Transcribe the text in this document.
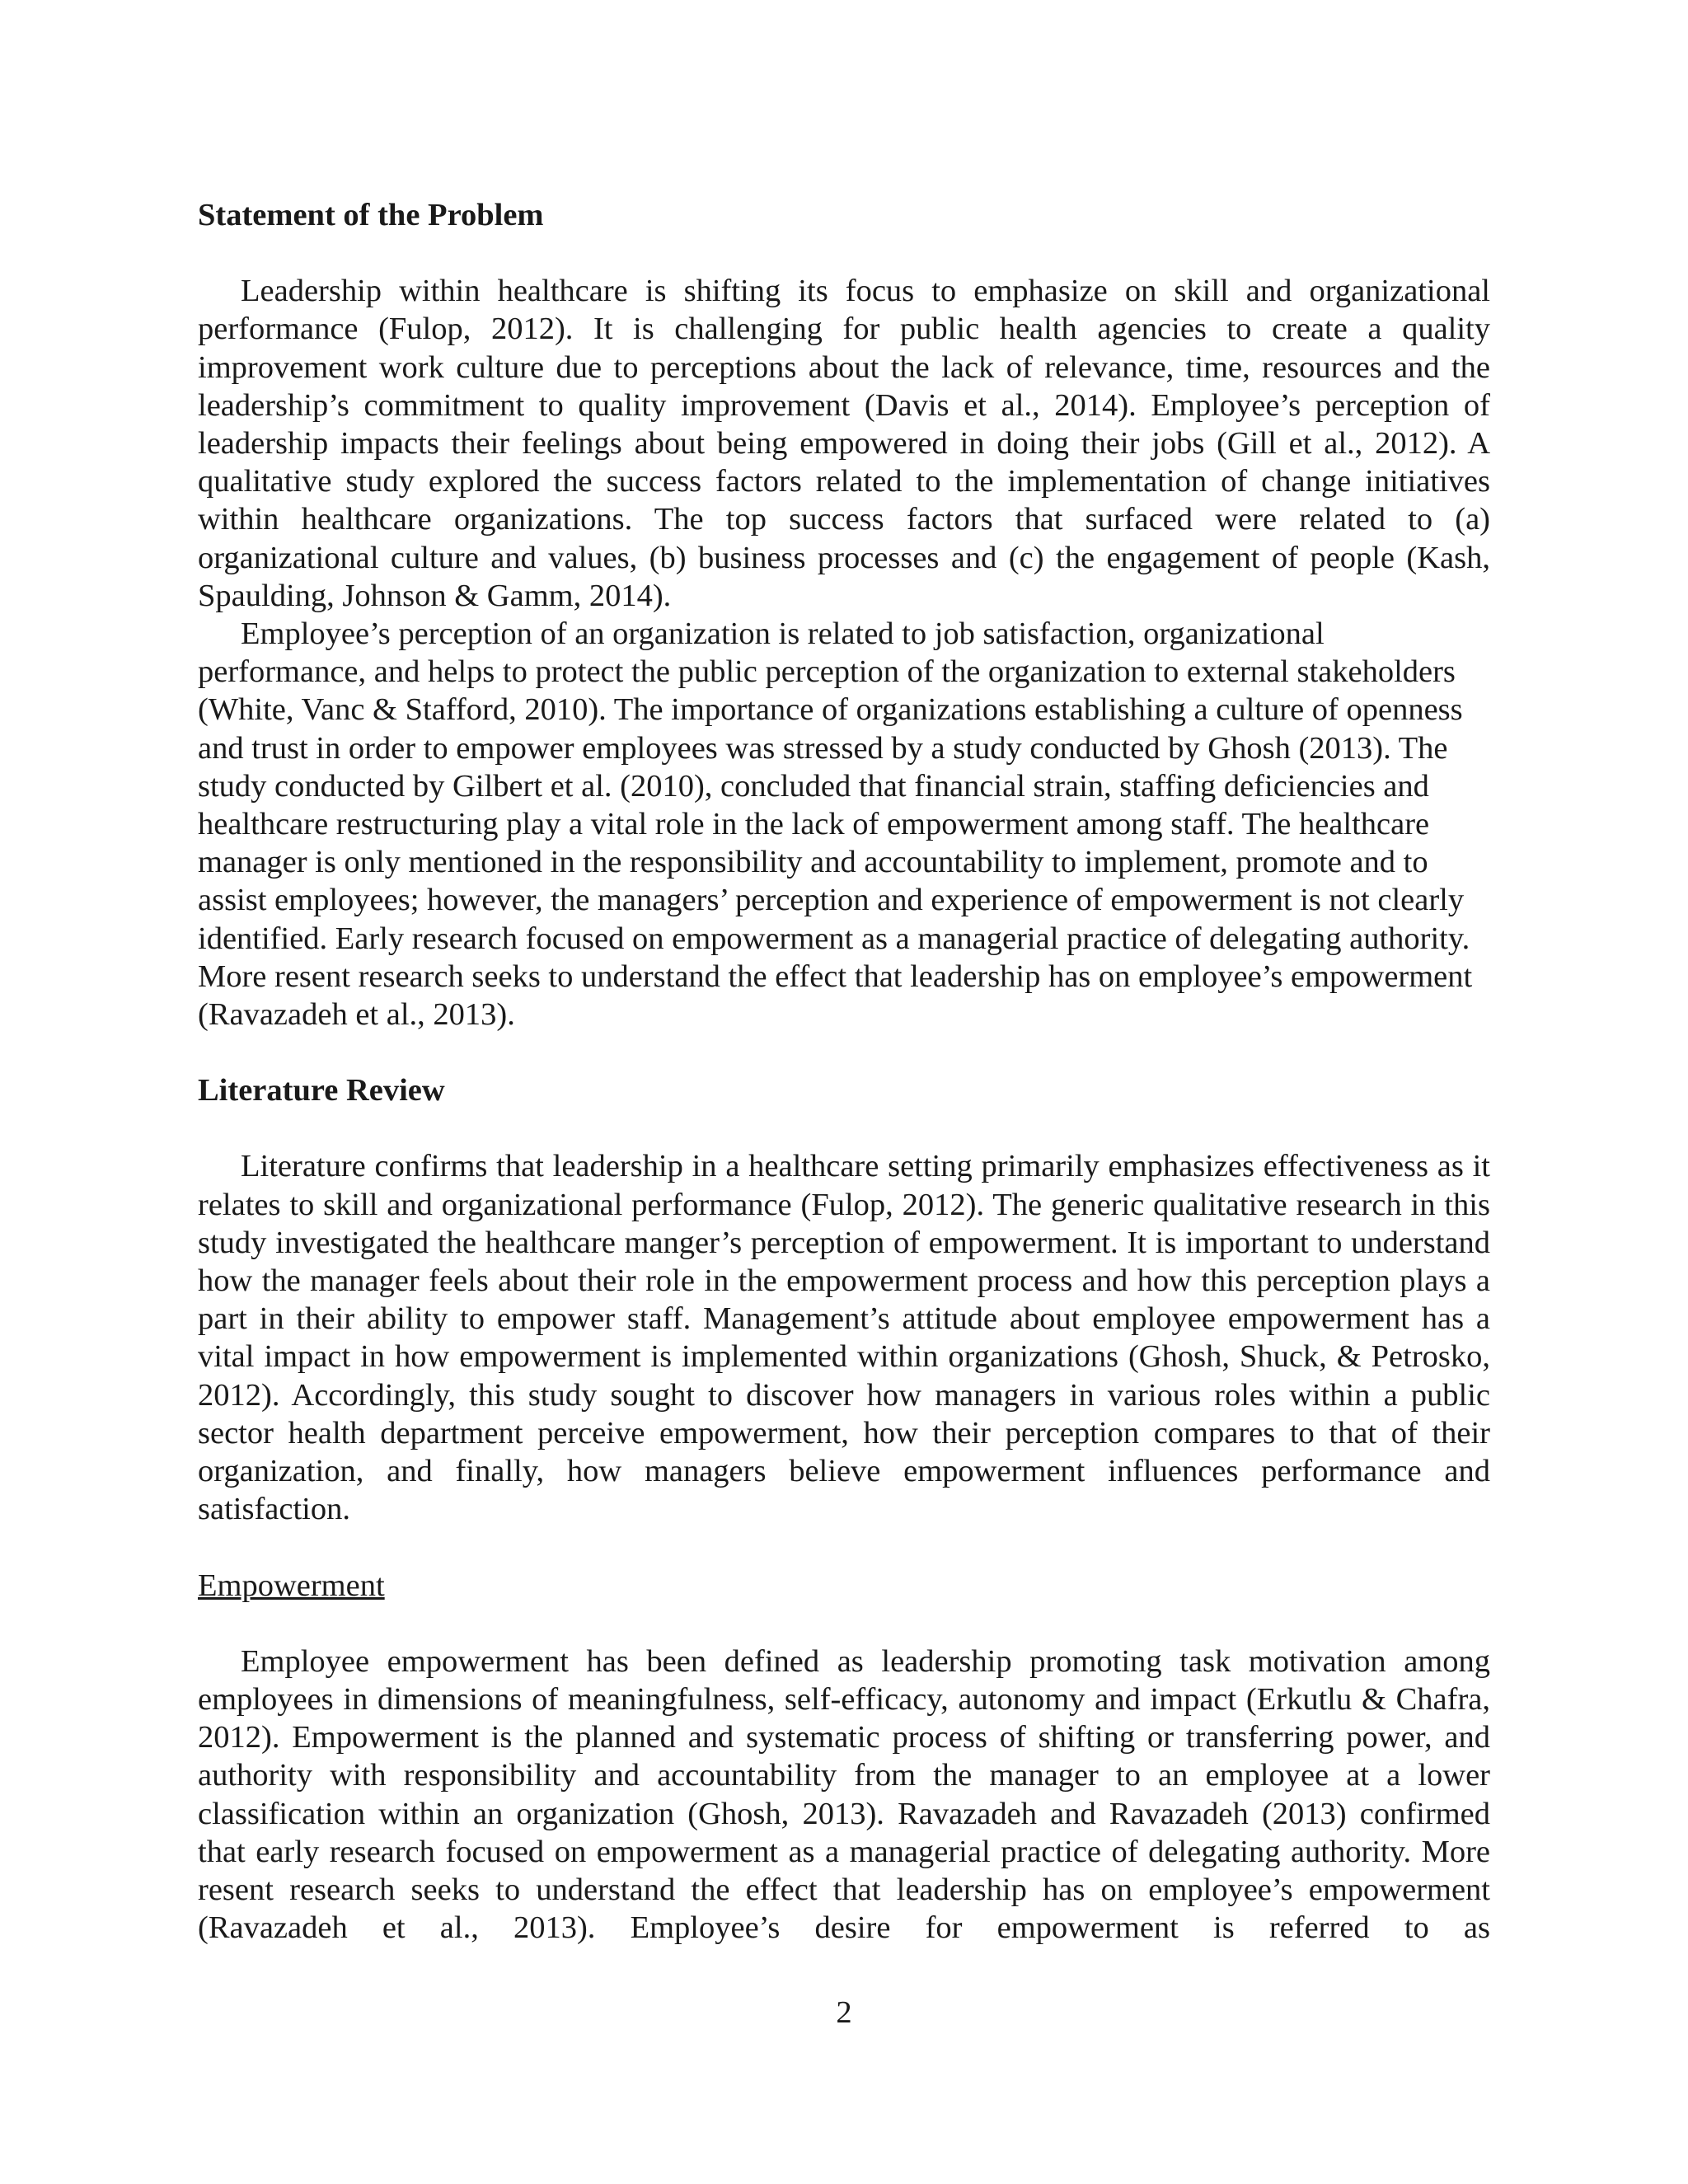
Statement of the Problem

Leadership within healthcare is shifting its focus to emphasize on skill and organizational performance (Fulop, 2012). It is challenging for public health agencies to create a quality improvement work culture due to perceptions about the lack of relevance, time, resources and the leadership’s commitment to quality improvement (Davis et al., 2014). Employee’s perception of leadership impacts their feelings about being empowered in doing their jobs (Gill et al., 2012). A qualitative study explored the success factors related to the implementation of change initiatives within healthcare organizations. The top success factors that surfaced were related to (a) organizational culture and values, (b) business processes and (c) the engagement of people (Kash, Spaulding, Johnson & Gamm, 2014).

Employee’s perception of an organization is related to job satisfaction, organizational performance, and helps to protect the public perception of the organization to external stakeholders (White, Vanc & Stafford, 2010). The importance of organizations establishing a culture of openness and trust in order to empower employees was stressed by a study conducted by Ghosh (2013). The study conducted by Gilbert et al. (2010), concluded that financial strain, staffing deficiencies and healthcare restructuring play a vital role in the lack of empowerment among staff. The healthcare manager is only mentioned in the responsibility and accountability to implement, promote and to assist employees; however, the managers’ perception and experience of empowerment is not clearly identified. Early research focused on empowerment as a managerial practice of delegating authority. More resent research seeks to understand the effect that leadership has on employee’s empowerment (Ravazadeh et al., 2013).

Literature Review

Literature confirms that leadership in a healthcare setting primarily emphasizes effectiveness as it relates to skill and organizational performance (Fulop, 2012). The generic qualitative research in this study investigated the healthcare manger’s perception of empowerment. It is important to understand how the manager feels about their role in the empowerment process and how this perception plays a part in their ability to empower staff. Management’s attitude about employee empowerment has a vital impact in how empowerment is implemented within organizations (Ghosh, Shuck, & Petrosko, 2012). Accordingly, this study sought to discover how managers in various roles within a public sector health department perceive empowerment, how their perception compares to that of their organization, and finally, how managers believe empowerment influences performance and satisfaction.

Empowerment

Employee empowerment has been defined as leadership promoting task motivation among employees in dimensions of meaningfulness, self-efficacy, autonomy and impact (Erkutlu & Chafra, 2012). Empowerment is the planned and systematic process of shifting or transferring power, and authority with responsibility and accountability from the manager to an employee at a lower classification within an organization (Ghosh, 2013). Ravazadeh and Ravazadeh (2013) confirmed that early research focused on empowerment as a managerial practice of delegating authority. More resent research seeks to understand the effect that leadership has on employee’s empowerment (Ravazadeh et al., 2013). Employee’s desire for empowerment is referred to as

2
